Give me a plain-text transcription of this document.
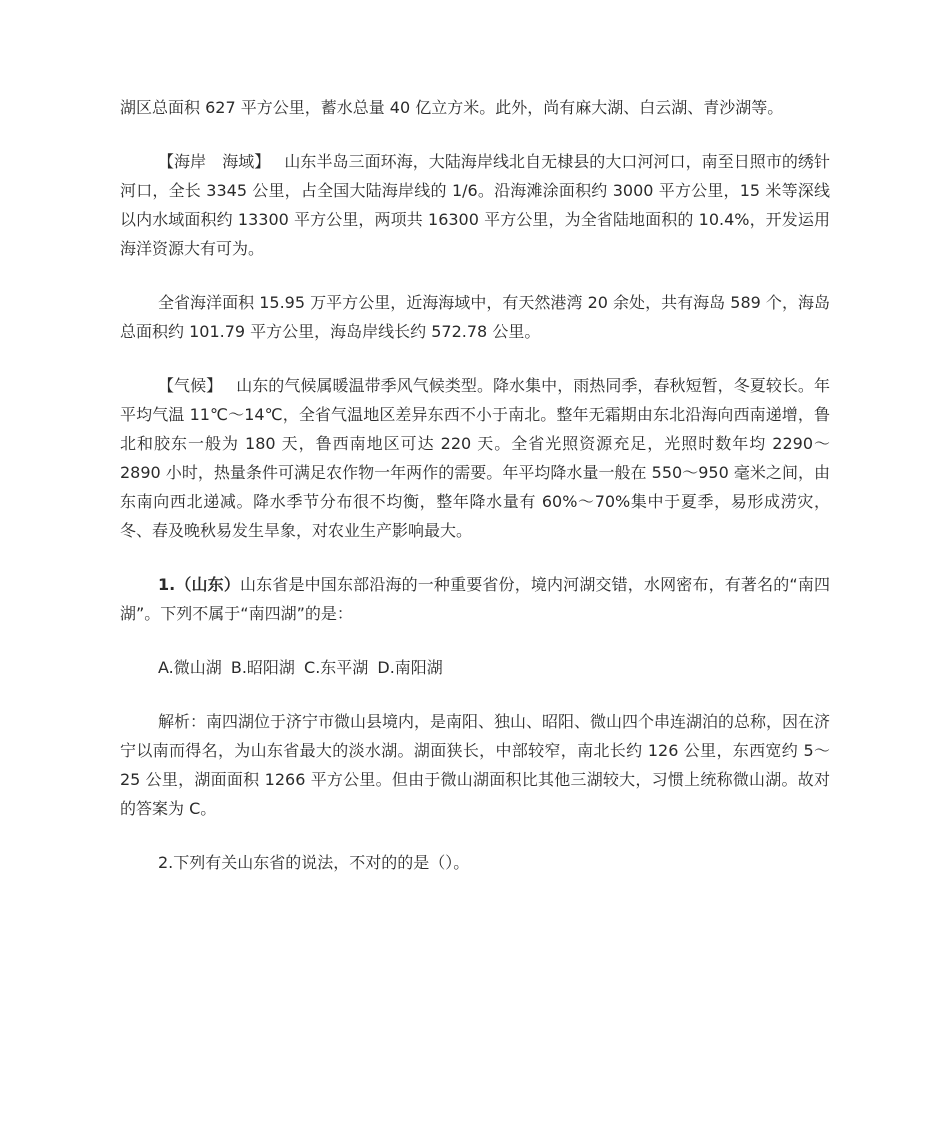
湖区总面积 627 平方公里，蓄水总量 40 亿立方米。此外，尚有麻大湖、白云湖、青沙湖等。

【海岸　海域】 山东半岛三面环海，大陆海岸线北自无棣县的大口河河口，南至日照市的绣针河口，全长 3345 公里，占全国大陆海岸线的 1/6。沿海滩涂面积约 3000 平方公里，15 米等深线以内水域面积约 13300 平方公里，两项共 16300 平方公里，为全省陆地面积的 10.4%，开发运用海洋资源大有可为。

全省海洋面积 15.95 万平方公里，近海海域中，有天然港湾 20 余处，共有海岛 589 个，海岛总面积约 101.79 平方公里，海岛岸线长约 572.78 公里。

【气候】 山东的气候属暖温带季风气候类型。降水集中，雨热同季，春秋短暂，冬夏较长。年平均气温 11℃～14℃，全省气温地区差异东西不小于南北。整年无霜期由东北沿海向西南递增，鲁北和胶东一般为 180 天，鲁西南地区可达 220 天。全省光照资源充足，光照时数年均 2290～2890 小时，热量条件可满足农作物一年两作的需要。年平均降水量一般在 550～950 毫米之间，由东南向西北递减。降水季节分布很不均衡，整年降水量有 60%～70%集中于夏季，易形成涝灾，冬、春及晚秋易发生旱象，对农业生产影响最大。

1.（山东）山东省是中国东部沿海的一种重要省份，境内河湖交错，水网密布，有著名的“南四湖”。下列不属于“南四湖”的是：

A.微山湖 B.昭阳湖 C.东平湖 D.南阳湖

解析：南四湖位于济宁市微山县境内，是南阳、独山、昭阳、微山四个串连湖泊的总称，因在济宁以南而得名，为山东省最大的淡水湖。湖面狭长，中部较窄，南北长约 126 公里，东西宽约 5～25 公里，湖面面积 1266 平方公里。但由于微山湖面积比其他三湖较大，习惯上统称微山湖。故对的答案为 C。

2.下列有关山东省的说法，不对的的是（）。
